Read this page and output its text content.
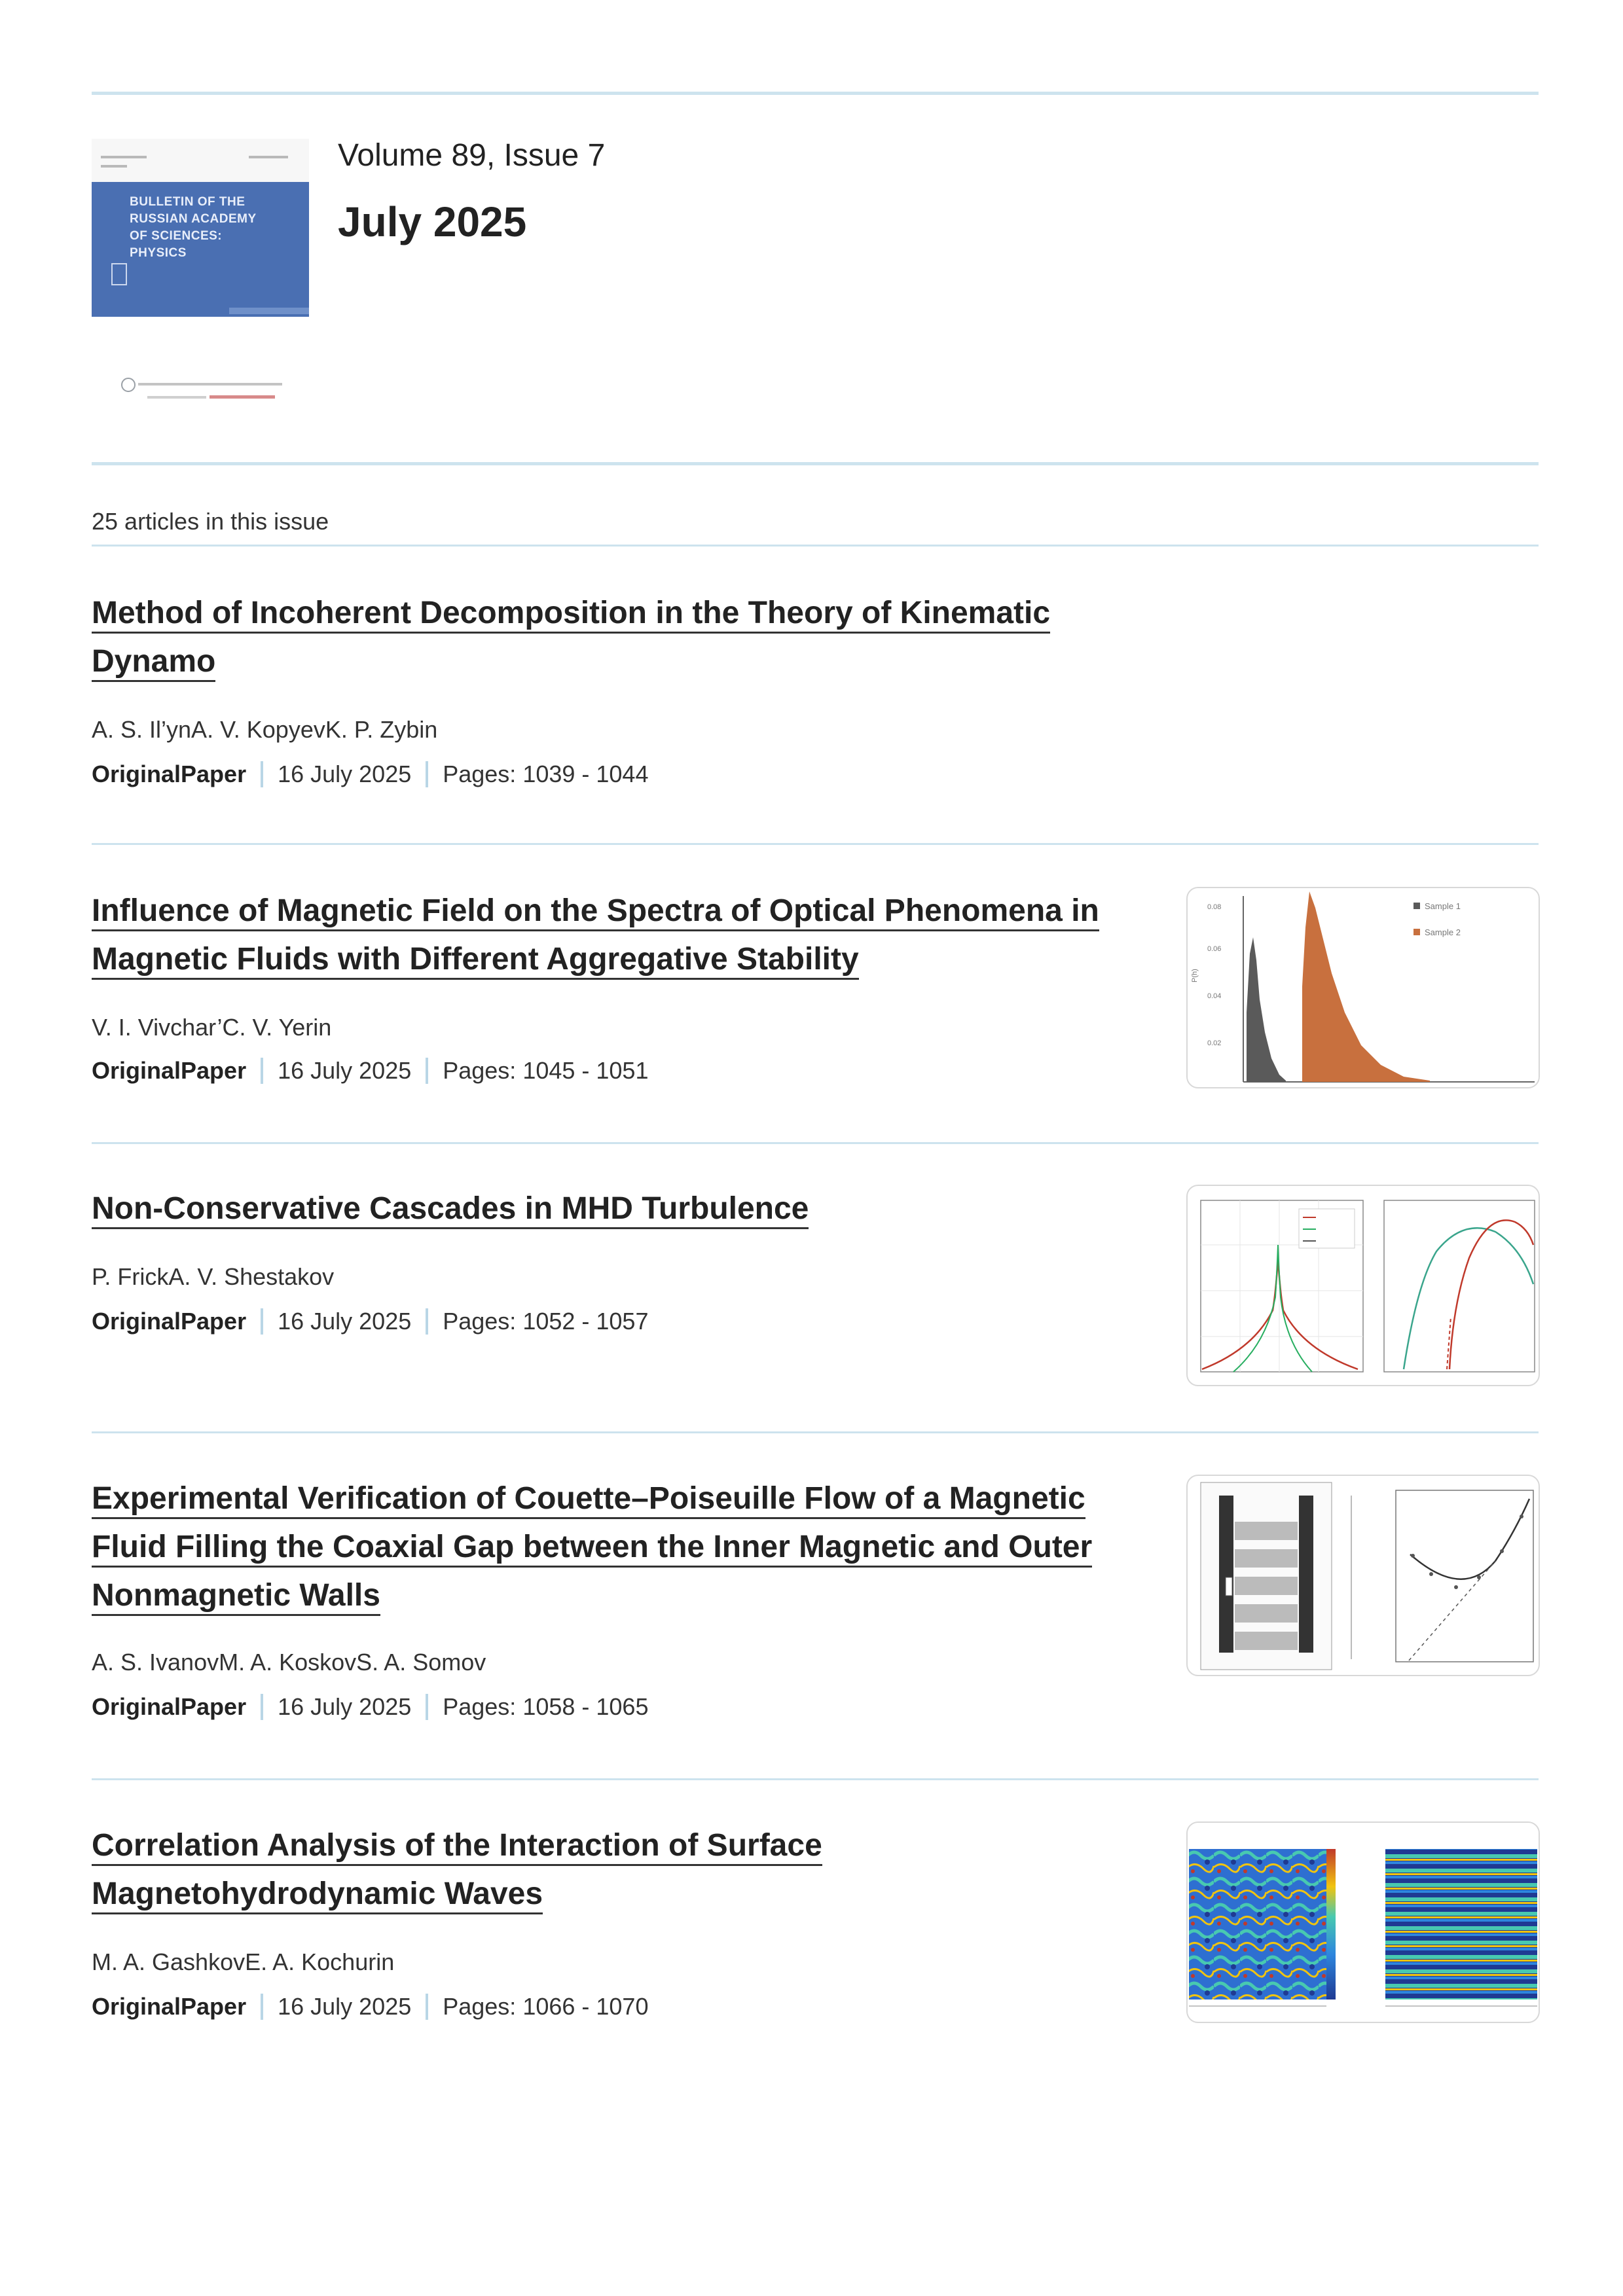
BULLETIN OF THE RUSSIAN ACADEMY OF SCIENCES: PHYSICS
Volume 89, Issue 7
July 2025
25 articles in this issue
Method of Incoherent Decomposition in the Theory of Kinematic Dynamo
A. S. Il’ynA. V. KopyevK. P. Zybin
OriginalPaper 16 July 2025 Pages: 1039 - 1044
Influence of Magnetic Field on the Spectra of Optical Phenomena in Magnetic Fluids with Different Aggregative Stability
V. I. Vivchar’C. V. Yerin
OriginalPaper 16 July 2025 Pages: 1045 - 1051
0.08
0.06
0.04
0.02
P(h)
Sample 1
Sample 2
Non-Conservative Cascades in MHD Turbulence
P. FrickA. V. Shestakov
OriginalPaper 16 July 2025 Pages: 1052 - 1057
Experimental Verification of Couette–Poiseuille Flow of a Magnetic Fluid Filling the Coaxial Gap between the Inner Magnetic and Outer Nonmagnetic Walls
A. S. IvanovM. A. KoskovS. A. Somov
OriginalPaper 16 July 2025 Pages: 1058 - 1065
Correlation Analysis of the Interaction of Surface Magnetohydrodynamic Waves
M. A. GashkovE. A. Kochurin
OriginalPaper 16 July 2025 Pages: 1066 - 1070
